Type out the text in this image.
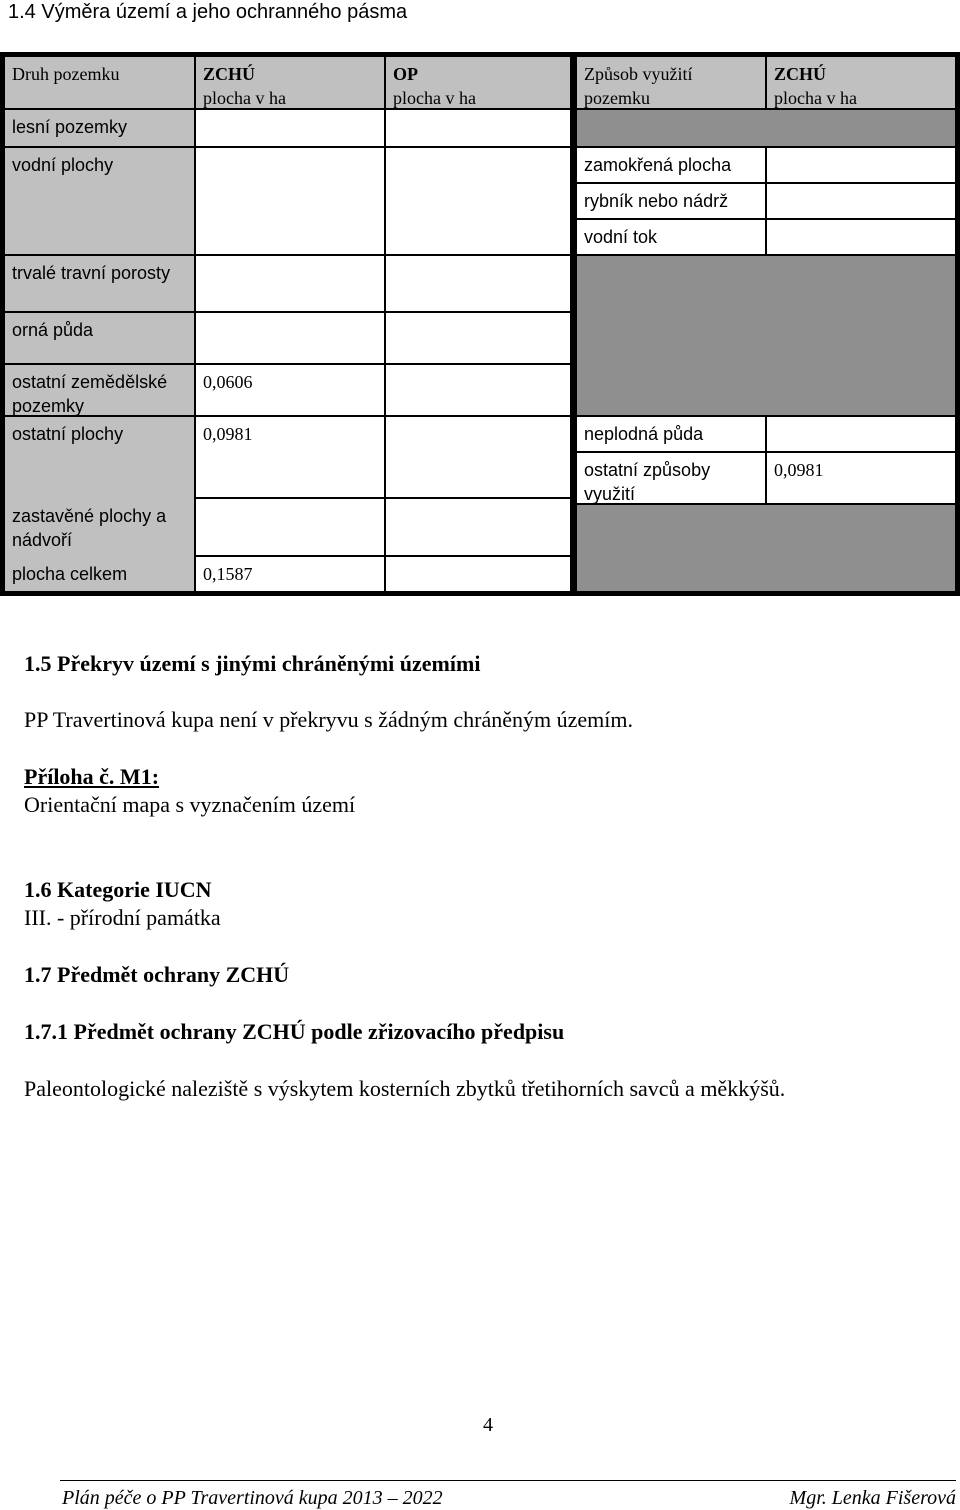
1.4 Výměra území a jeho ochranného pásma
Druh pozemku	ZCHÚ
plocha v ha
OP
plocha v ha
Způsob využití pozemku
ZCHÚ
plocha v ha
lesní pozemky
vodní plochy
trvalé travní porosty
orná půda
ostatní zemědělské pozemky
ostatní plochy
zastavěné plochy a nádvoří
plocha celkem
0,0606
0,0981
0,1587
zamokřená plocha
rybník nebo nádrž
vodní tok
neplodná půda
ostatní způsoby využití
0,0981
1.5 Překryv území s jinými chráněnými územími
PP Travertinová kupa není v překryvu s žádným chráněným územím.
Příloha č. M1:
Orientační mapa s vyznačením území
1.6 Kategorie IUCN
III. - přírodní památka
1.7 Předmět ochrany ZCHÚ
1.7.1 Předmět ochrany ZCHÚ podle zřizovacího předpisu
Paleontologické naleziště s výskytem kosterních zbytků třetihorních savců a měkkýšů.
4
Plán péče o PP Travertinová kupa 2013 – 2022	Mgr. Lenka Fišerová
